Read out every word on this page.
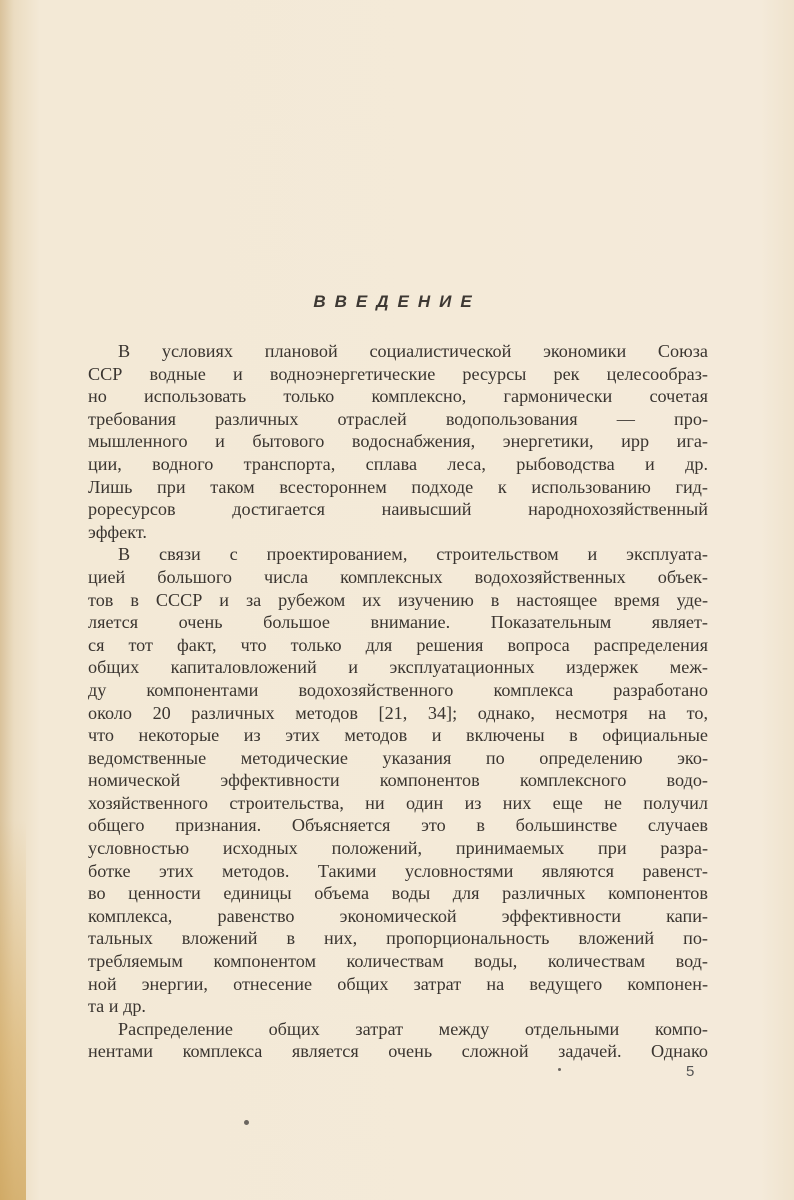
ВВЕДЕНИЕ
В условиях плановой социалистической экономики Союза
ССР водные и водноэнергетические ресурсы рек целесообраз-
но использовать только комплексно, гармонически сочетая
требования различных отраслей водопользования — про-
мышленного и бытового водоснабжения, энергетики, ирр ига-
ции, водного транспорта, сплава леса, рыбоводства и др.
Лишь при таком всестороннем подходе к использованию гид-
роресурсов достигается наивысший народнохозяйственный
эффект.
В связи с проектированием, строительством и эксплуата-
цией большого числа комплексных водохозяйственных объек-
тов в СССР и за рубежом их изучению в настоящее время уде-
ляется очень большое внимание. Показательным являет-
ся тот факт, что только для решения вопроса распределения
общих капиталовложений и эксплуатационных издержек меж-
ду компонентами водохозяйственного комплекса разработано
около 20 различных методов [21, 34]; однако, несмотря на то,
что некоторые из этих методов и включены в официальные
ведомственные методические указания по определению эко-
номической эффективности компонентов комплексного водо-
хозяйственного строительства, ни один из них еще не получил
общего признания. Объясняется это в большинстве случаев
условностью исходных положений, принимаемых при разра-
ботке этих методов. Такими условностями являются равенст-
во ценности единицы объема воды для различных компонентов
комплекса, равенство экономической эффективности капи-
тальных вложений в них, пропорциональность вложений по-
требляемым компонентом количествам воды, количествам вод-
ной энергии, отнесение общих затрат на ведущего компонен-
та и др.
Распределение общих затрат между отдельными компо-
нентами комплекса является очень сложной задачей. Однако
5
